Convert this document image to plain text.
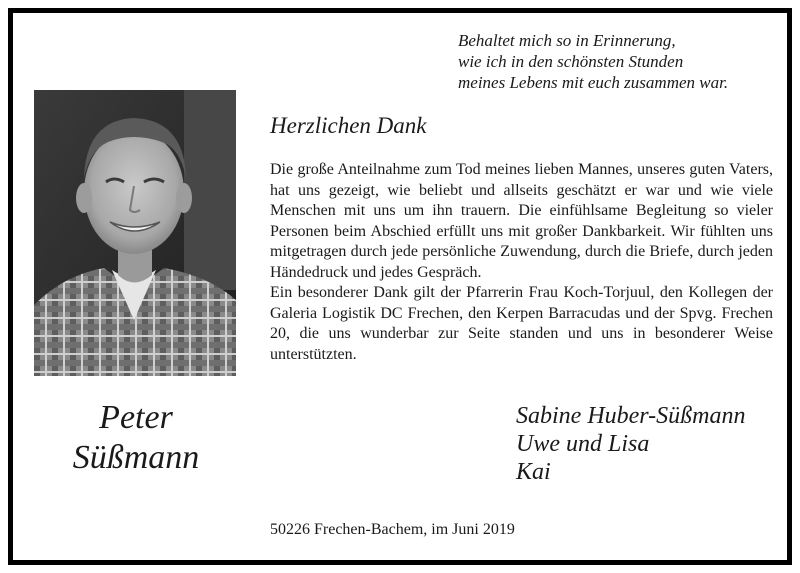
Behaltet mich so in Erinnerung,
wie ich in den schönsten Stunden
meines Lebens mit euch zusammen war.
Peter
Süßmann
Herzlichen Dank

Die große Anteilnahme zum Tod meines lieben Mannes, unseres guten Vaters, hat uns gezeigt, wie beliebt und allseits geschätzt er war und wie viele Menschen mit uns um ihn trauern. Die einfühlsame Begleitung so vieler Personen beim Abschied erfüllt uns mit großer Dankbarkeit. Wir fühlten uns mitgetragen durch jede persönliche Zuwendung, durch die Briefe, durch jeden Händedruck und jedes Gespräch.

Ein besonderer Dank gilt der Pfarrerin Frau Koch-Torjuul, den Kollegen der Galeria Logistik DC Frechen, den Kerpen Barracudas und der Spvg. Frechen 20, die uns wunderbar zur Seite standen und uns in besonderer Weise unterstützten.

Sabine Huber-Süßmann
Uwe und Lisa
Kai
50226 Frechen-Bachem, im Juni 2019
